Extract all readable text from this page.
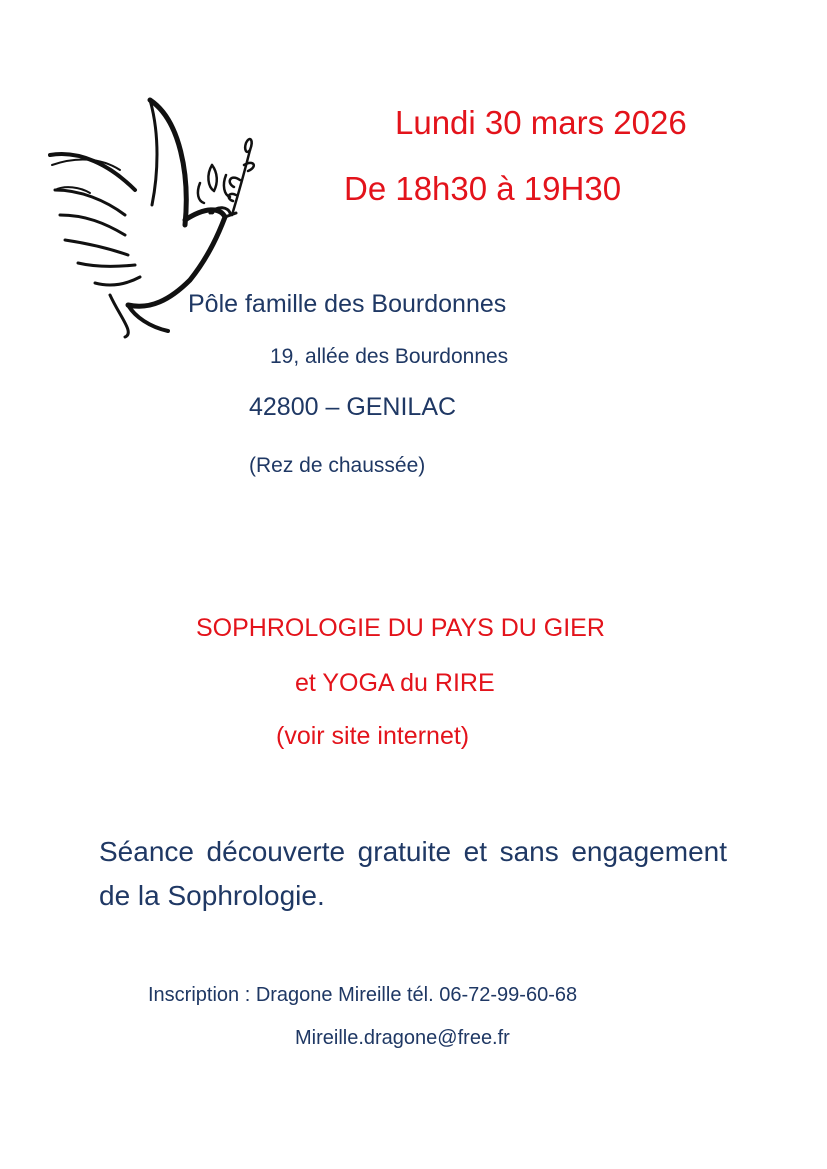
Lundi 30 mars 2026
De 18h30 à 19H30
Pôle famille des Bourdonnes
19, allée des Bourdonnes
42800 – GENILAC
(Rez de chaussée)
SOPHROLOGIE DU PAYS DU GIER
et YOGA du RIRE
(voir site internet)
Séance découverte gratuite et sans engagement de la Sophrologie.
Inscription : Dragone Mireille tél. 06-72-99-60-68
Mireille.dragone@free.fr
